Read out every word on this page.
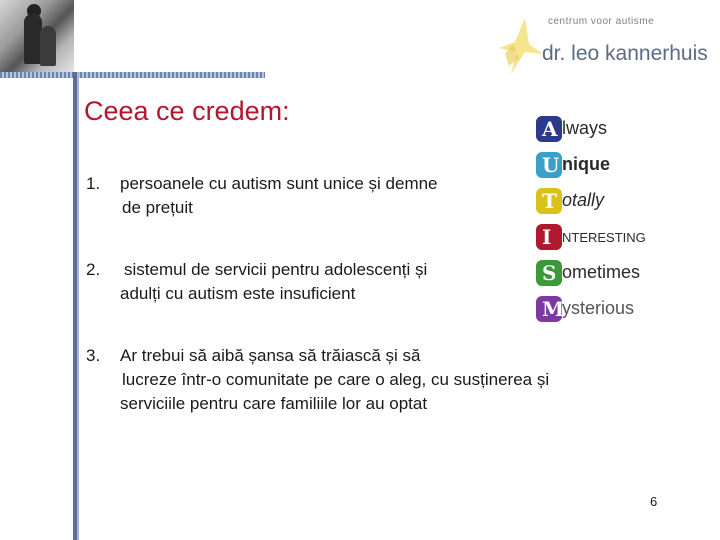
centrum voor autisme
dr. leo kannerhuis
Ceea ce credem:
1. persoanele cu autism sunt unice și demne
de prețuit
2. sistemul de servicii pentru adolescenți și
adulți cu autism este insuficient
3. Ar trebui să aibă șansa să trăiască și să
lucreze într-o comunitate pe care o aleg, cu susținerea și
serviciile pentru care familiile lor au optat
A lways
U nique
T otally
I NTERESTING
S ometimes
M
ysterious
6
